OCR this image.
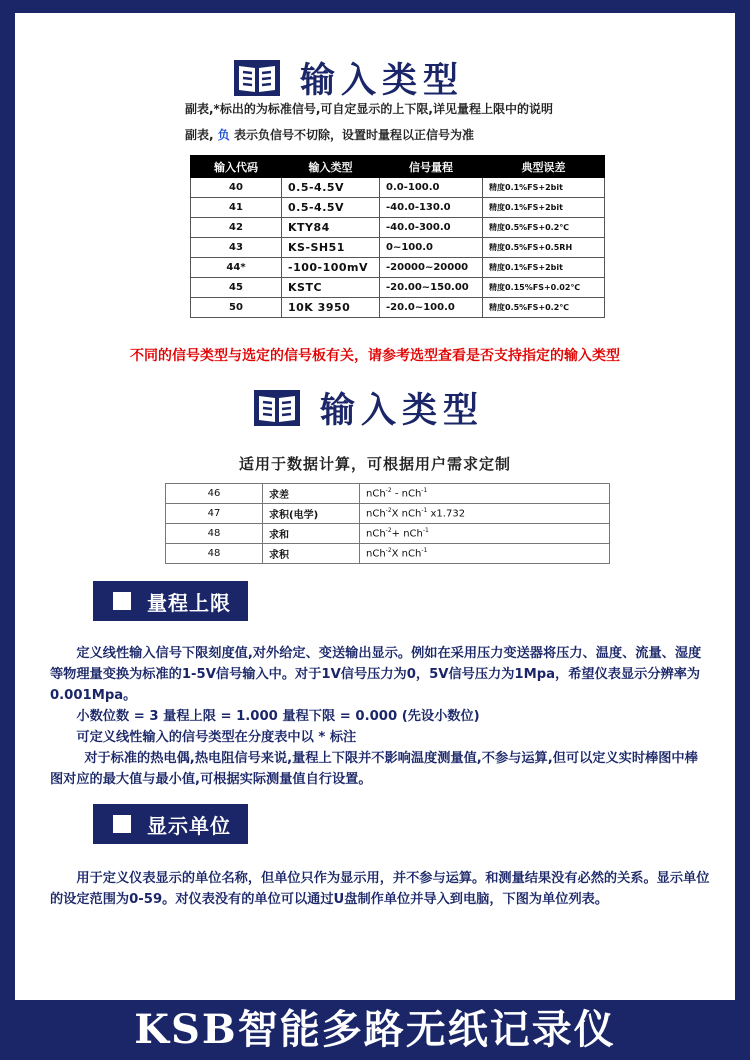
输入类型
副表,*标出的为标准信号,可自定显示的上下限,详见量程上限中的说明
副表, 负 表示负信号不切除，设置时量程以正信号为准
输入代码	输入类型	信号量程	典型误差
40	0.5-4.5V	0.0-100.0	精度0.1%FS+2bit
41	0.5-4.5V	-40.0-130.0	精度0.1%FS+2bit
42	KTY84	-40.0-300.0	精度0.5%FS+0.2℃
43	KS-SH51	0~100.0	精度0.5%FS+0.5RH
44*	-100-100mV	-20000~20000	精度0.1%FS+2bit
45	KSTC	-20.00~150.00	精度0.15%FS+0.02℃
50	10K 3950	-20.0~100.0	精度0.5%FS+0.2℃
不同的信号类型与选定的信号板有关，请参考选型查看是否支持指定的输入类型
输入类型
适用于数据计算，可根据用户需求定制
46	求差	nCh$^{-2}$ - nCh$^{-1}$
47	求积(电学)	nCh$^{-2}$X nCh$^{-1}$ x1.732
48	求和	nCh$^{-2}$+ nCh$^{-1}$
48	求积	nCh$^{-2}$X nCh$^{-1}$
量程上限

定义线性输入信号下限刻度值,对外给定、变送输出显示。例如在采用压力变送器将压力、温度、流量、湿度等物理量变换为标准的1-5V信号输入中。对于1V信号压力为0，5V信号压力为1Mpa，希望仪表显示分辨率为0.001Mpa。

小数位数 = 3 量程上限 = 1.000 量程下限 = 0.000 (先设小数位)

可定义线性输入的信号类型在分度表中以 * 标注

对于标准的热电偶,热电阻信号来说,量程上下限并不影响温度测量值,不参与运算,但可以定义实时棒图中棒图对应的最大值与最小值,可根据实际测量值自行设置。

显示单位

用于定义仪表显示的单位名称，但单位只作为显示用，并不参与运算。和测量结果没有必然的关系。显示单位的设定范围为0-59。对仪表没有的单位可以通过U盘制作单位并导入到电脑，下图为单位列表。

KSB智能多路无纸记录仪
